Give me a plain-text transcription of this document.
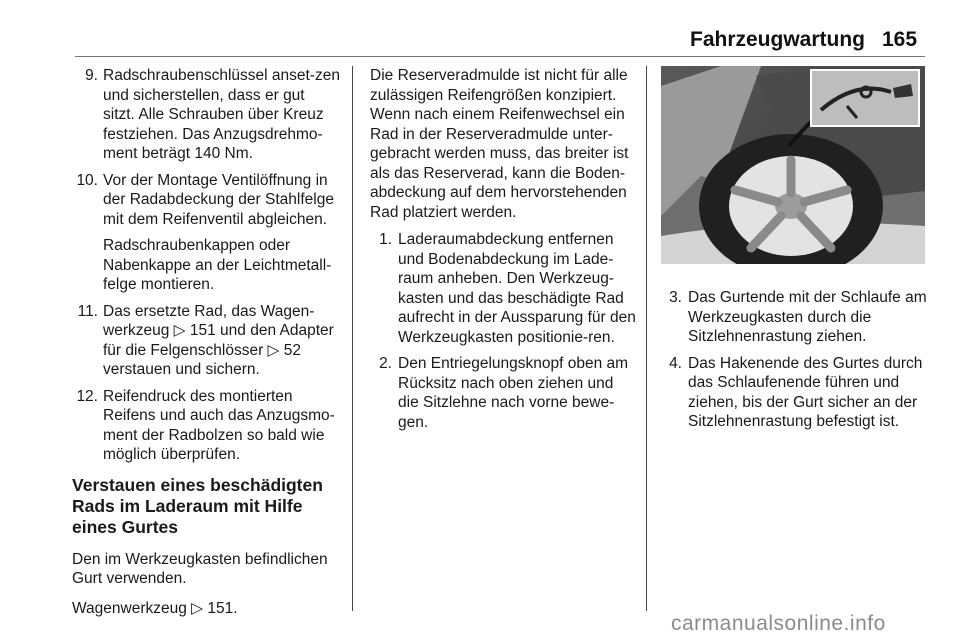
Fahrzeugwartung 165
9. Radschraubenschlüssel anset-zen und sicherstellen, dass er gut sitzt. Alle Schrauben über Kreuz festziehen. Das Anzugsdrehmo-ment beträgt 140 Nm.
10. Vor der Montage Ventilöffnung in der Radabdeckung der Stahlfelge mit dem Reifenventil abgleichen.
Radschraubenkappen oder Nabenkappe an der Leichtmetall-felge montieren.
11. Das ersetzte Rad, das Wagen-werkzeug ▷ 151 und den Adapter für die Felgenschlösser ▷ 52 verstauen und sichern.
12. Reifendruck des montierten Reifens und auch das Anzugsmo-ment der Radbolzen so bald wie möglich überprüfen.
Verstauen eines beschädigten Rads im Laderaum mit Hilfe eines Gurtes

Den im Werkzeugkasten befindlichen Gurt verwenden.

Wagenwerkzeug ▷ 151.

Die Reserveradmulde ist nicht für alle zulässigen Reifengrößen konzipiert. Wenn nach einem Reifenwechsel ein Rad in der Reserveradmulde unter-gebracht werden muss, das breiter ist als das Reserverad, kann die Boden-abdeckung auf dem hervorstehenden Rad platziert werden.

1. Laderaumabdeckung entfernen und Bodenabdeckung im Lade-raum anheben. Den Werkzeug-kasten und das beschädigte Rad aufrecht in der Aussparung für den Werkzeugkasten positionie-ren.
2. Den Entriegelungsknopf oben am Rücksitz nach oben ziehen und die Sitzlehne nach vorne bewe-gen.
3. Das Gurtende mit der Schlaufe am Werkzeugkasten durch die Sitzlehnenrastung ziehen.
4. Das Hakenende des Gurtes durch das Schlaufenende führen und ziehen, bis der Gurt sicher an der Sitzlehnenrastung befestigt ist.
carmanualsonline.info
